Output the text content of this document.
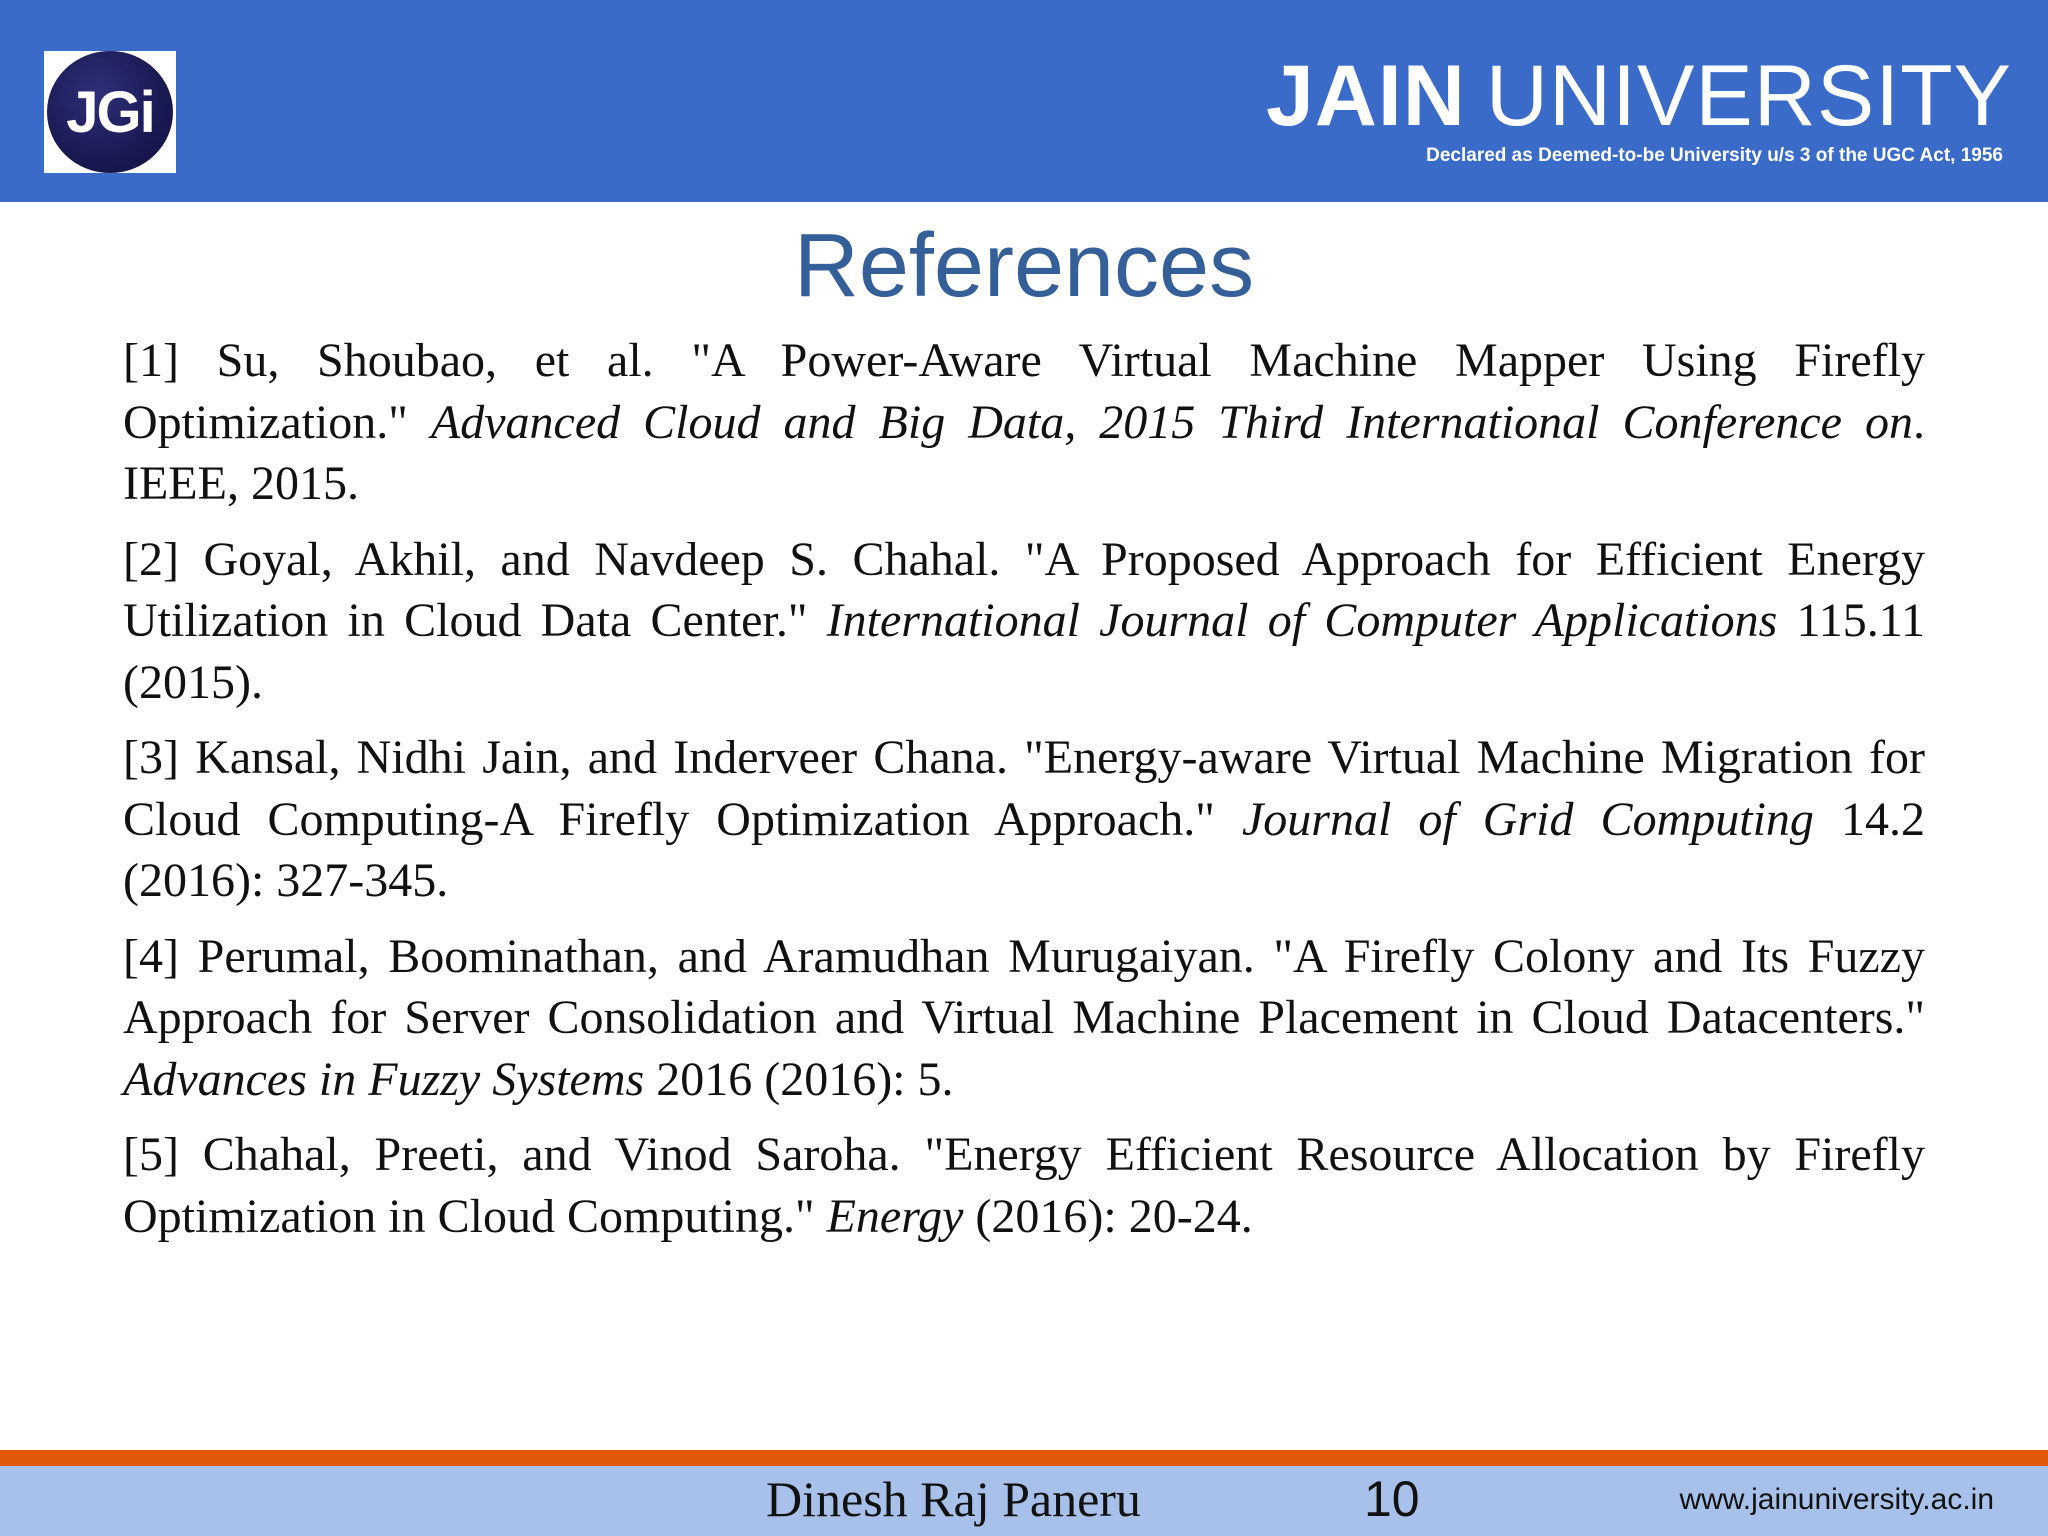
JGi	JAIN UNIVERSITY
Declared as Deemed-to-be University u/s 3 of the UGC Act, 1956
References
[1] Su, Shoubao, et al. "A Power-Aware Virtual Machine Mapper Using Firefly Optimization." Advanced Cloud and Big Data, 2015 Third International Conference on. IEEE, 2015.
[2] Goyal, Akhil, and Navdeep S. Chahal. "A Proposed Approach for Efficient Energy Utilization in Cloud Data Center." International Journal of Computer Applications 115.11 (2015).
[3] Kansal, Nidhi Jain, and Inderveer Chana. "Energy-aware Virtual Machine Migration for Cloud Computing-A Firefly Optimization Approach." Journal of Grid Computing 14.2 (2016): 327-345.
[4] Perumal, Boominathan, and Aramudhan Murugaiyan. "A Firefly Colony and Its Fuzzy Approach for Server Consolidation and Virtual Machine Placement in Cloud Datacenters." Advances in Fuzzy Systems 2016 (2016): 5.
[5] Chahal, Preeti, and Vinod Saroha. "Energy Efficient Resource Allocation by Firefly Optimization in Cloud Computing." Energy (2016): 20-24.
Dinesh Raj Paneru	10	www.jainuniversity.ac.in
